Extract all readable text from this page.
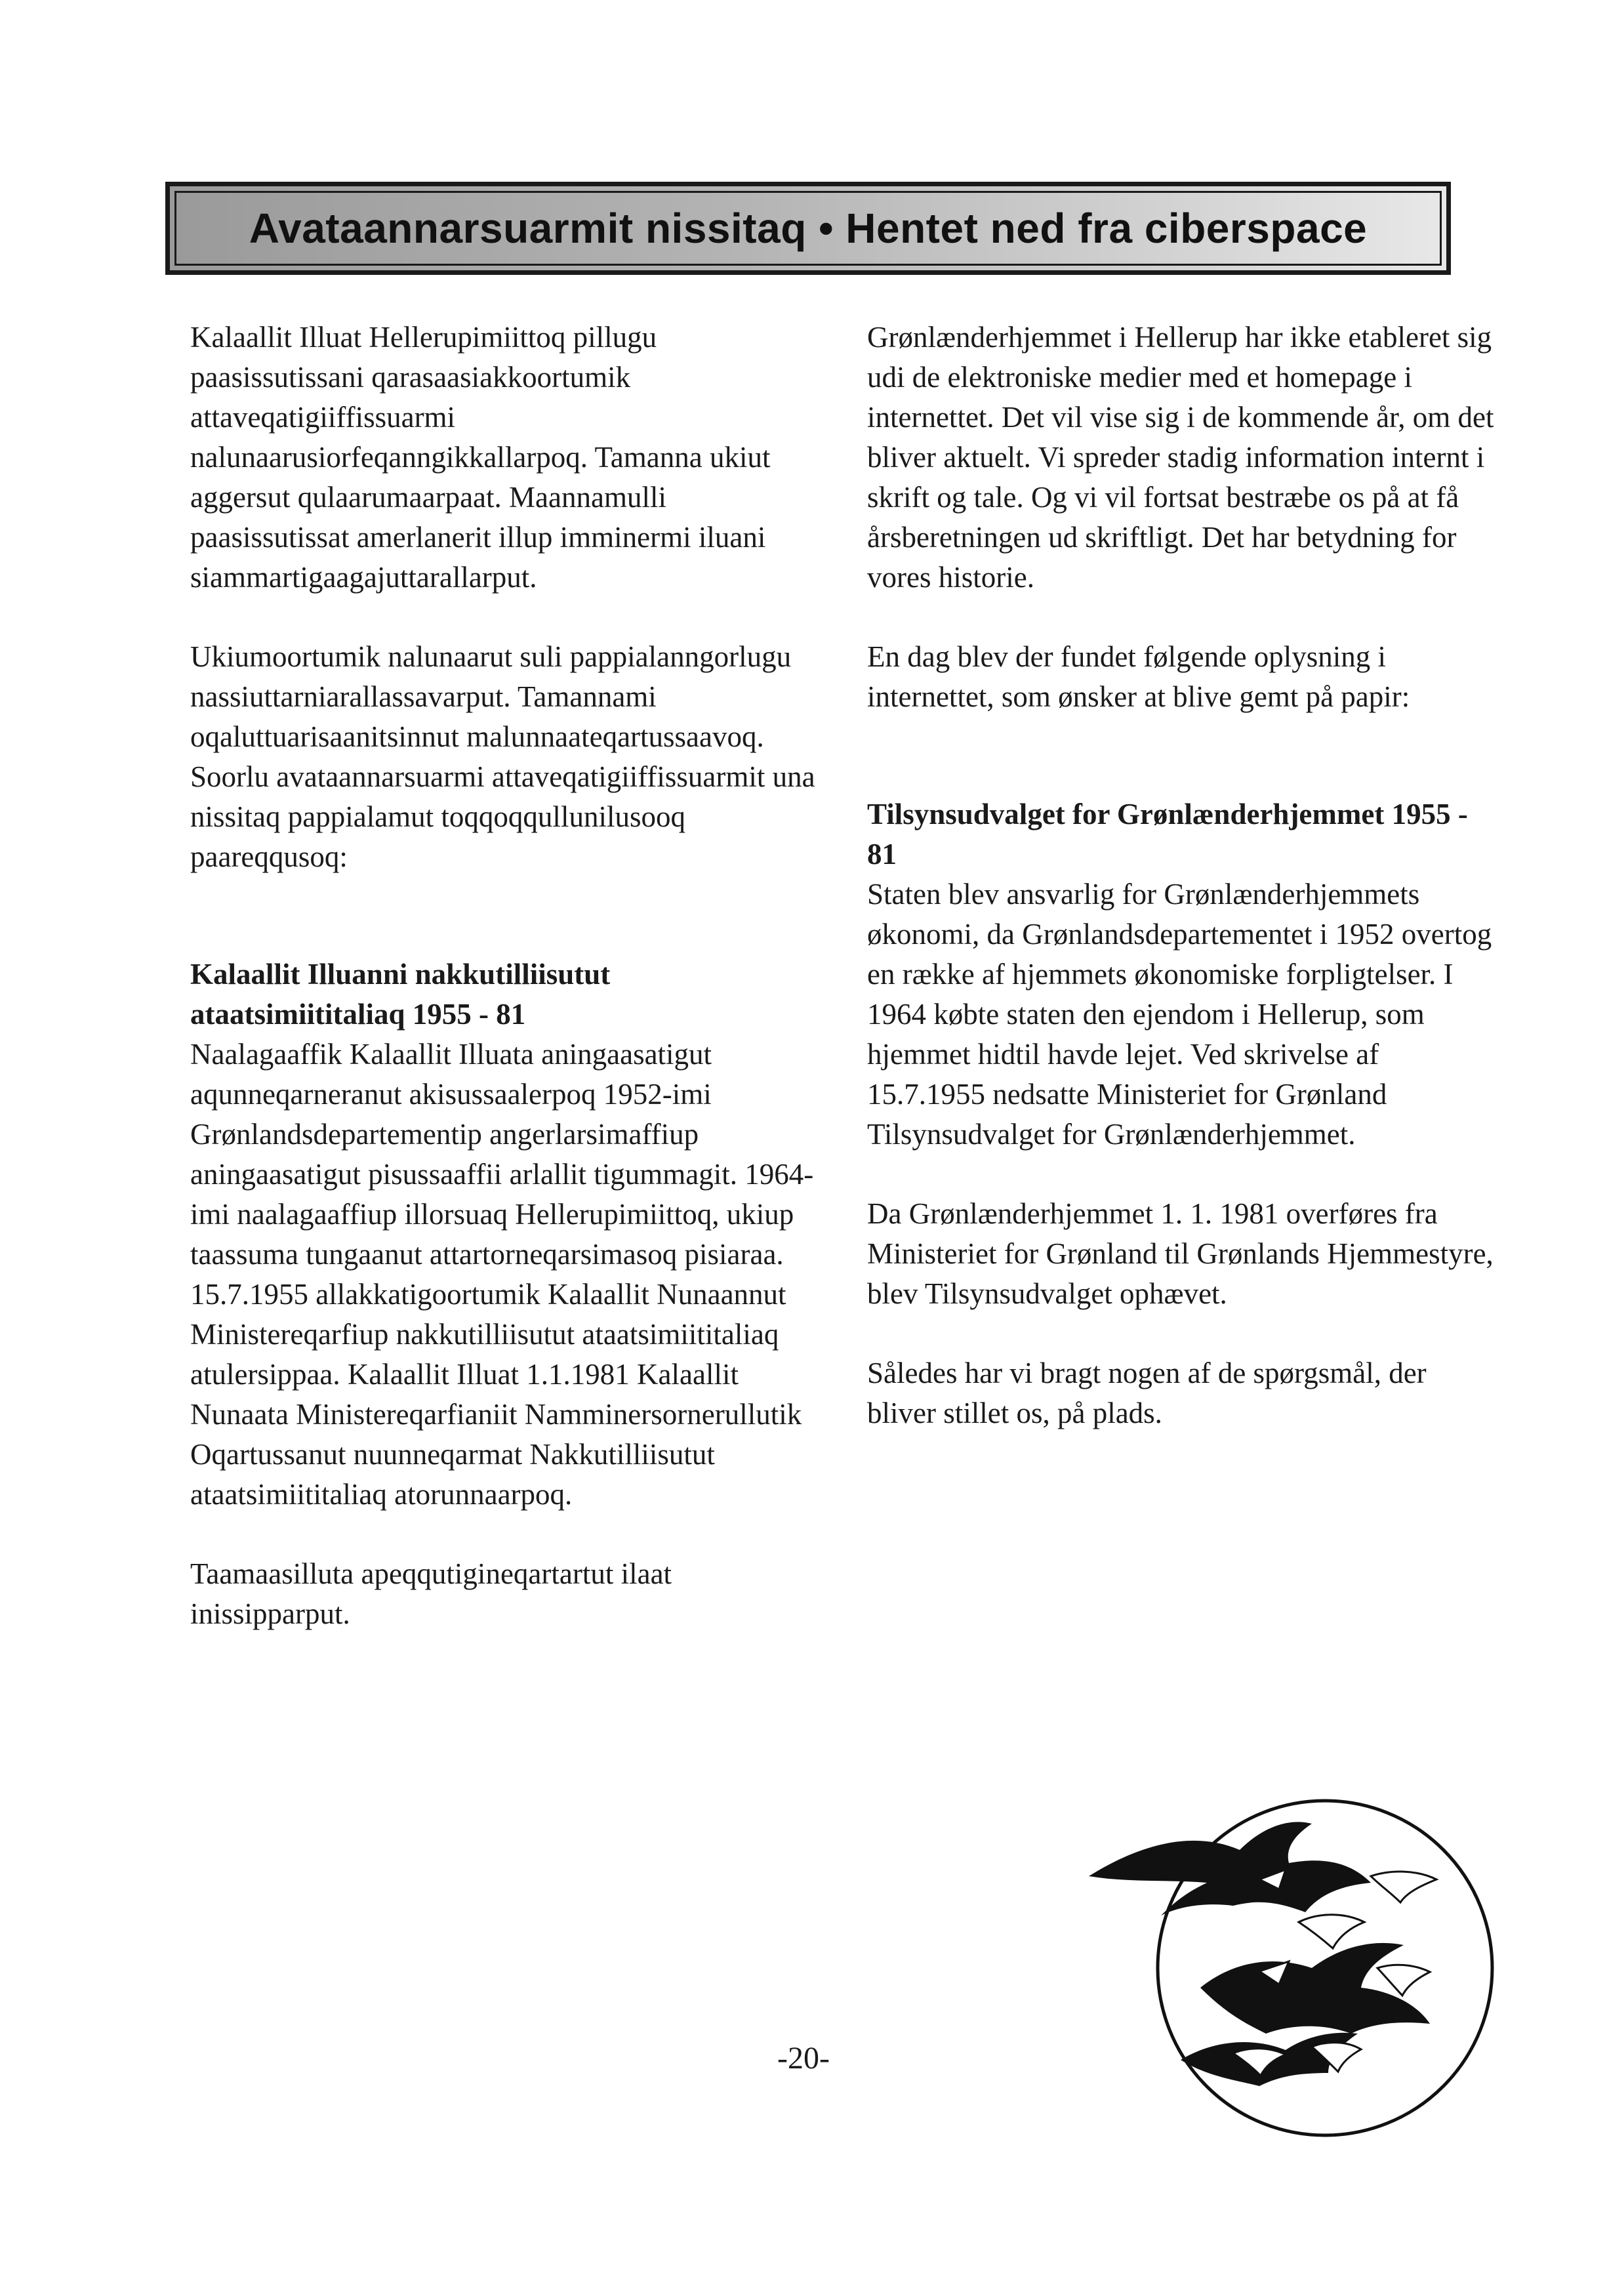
Avataannarsuarmit nissitaq • Hentet ned fra ciberspace

Kalaallit Illuat Hellerupimiittoq pillugu paasissutissani qarasaasiakkoortumik attaveqatigiiffissuarmi nalunaarusiorfeqanngikkallarpoq. Tamanna ukiut aggersut qulaarumaarpaat. Maannamulli paasissutissat amerlanerit illup imminermi iluani siammartigaagajuttarallarput.

Ukiumoortumik nalunaarut suli pappialanngorlugu nassiuttarniarallassavarput. Tamannami oqaluttuarisaanitsinnut malunnaateqartussaavoq. Soorlu avataannarsuarmi attaveqatigiiffissuarmit una nissitaq pappialamut toqqoqqullunilusooq paareqqusoq:

Kalaallit Illuanni nakkutilliisutut ataatsimiititaliaq 1955 - 81
Naalagaaffik Kalaallit Illuata aningaasatigut aqunneqarneranut akisussaalerpoq 1952-imi Grønlandsdepartementip angerlarsimaffiup aningaasatigut pisussaaffii arlallit tigummagit. 1964-imi naalagaaffiup illorsuaq Hellerupimiittoq, ukiup taassuma tungaanut attartorneqarsimasoq pisiaraa. 15.7.1955 allakkatigoortumik Kalaallit Nunaannut Ministereqarfiup nakkutilliisutut ataatsimiititaliaq atulersippaa. Kalaallit Illuat 1.1.1981 Kalaallit Nunaata Ministereqarfianiit Namminersornerullutik Oqartussanut nuunneqarmat Nakkutilliisutut ataatsimiititaliaq atorunnaarpoq.

Taamaasilluta apeqqutigineqartartut ilaat inissipparput.

Grønlænderhjemmet i Hellerup har ikke etableret sig udi de elektroniske medier med et homepage i internettet. Det vil vise sig i de kommende år, om det bliver aktuelt. Vi spreder stadig information internt i skrift og tale. Og vi vil fortsat bestræbe os på at få årsberetningen ud skriftligt. Det har betydning for vores historie.

En dag blev der fundet følgende oplysning i internettet, som ønsker at blive gemt på papir:

Tilsynsudvalget for Grønlænderhjemmet 1955 - 81
Staten blev ansvarlig for Grønlænderhjemmets økonomi, da Grønlandsdepartementet i 1952 overtog en række af hjemmets økonomiske forpligtelser. I 1964 købte staten den ejendom i Hellerup, som hjemmet hidtil havde lejet. Ved skrivelse af 15.7.1955 nedsatte Ministeriet for Grønland Tilsynsudvalget for Grønlænderhjemmet.

Da Grønlænderhjemmet 1. 1. 1981 overføres fra Ministeriet for Grønland til Grønlands Hjemmestyre, blev Tilsynsudvalget ophævet.

Således har vi bragt nogen af de spørgsmål, der bliver stillet os, på plads.

-20-
